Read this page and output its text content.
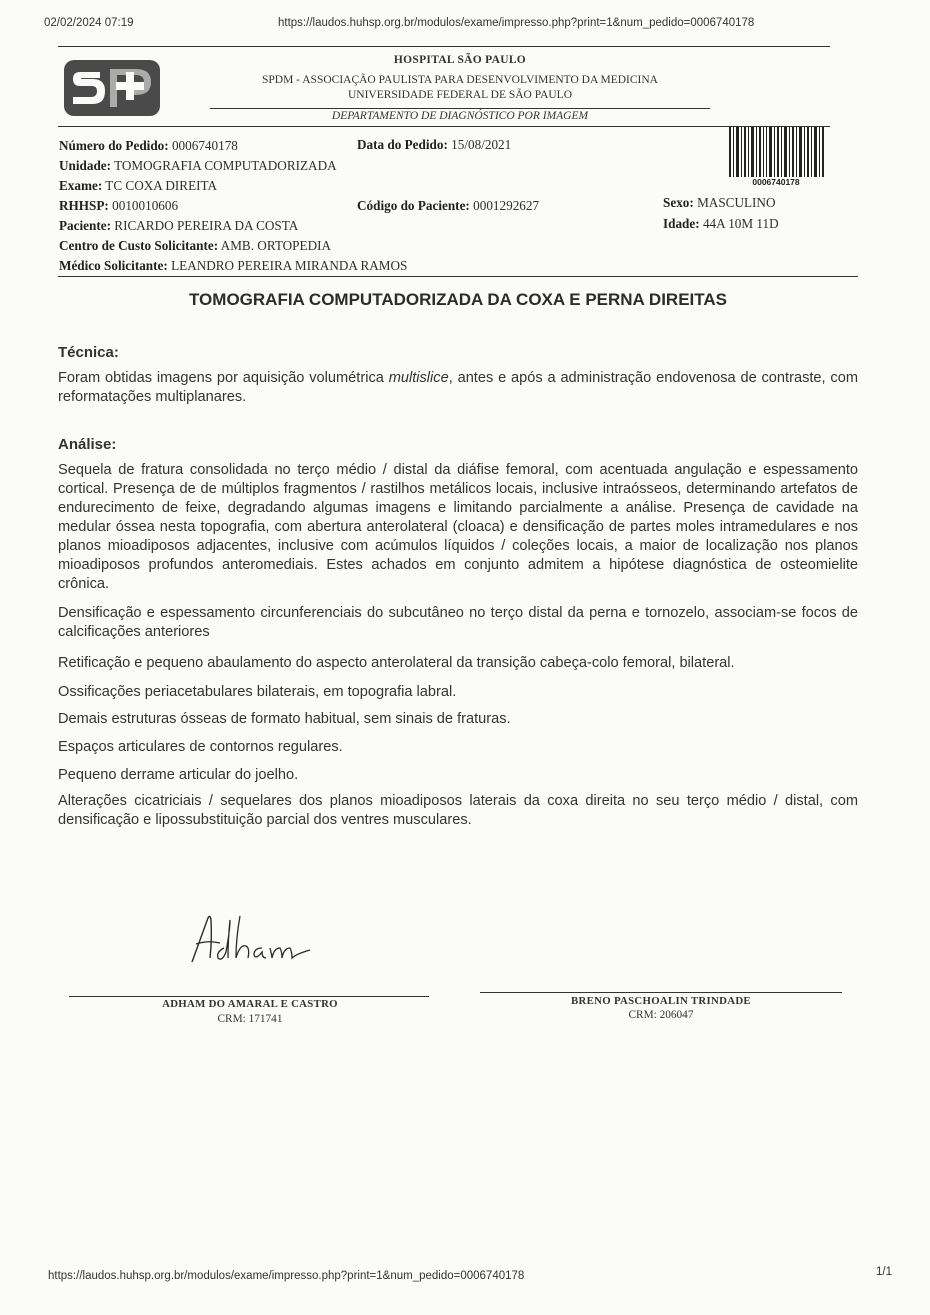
02/02/2024 07:19	https://laudos.huhsp.org.br/modulos/exame/impresso.php?print=1&num_pedido=0006740178
HOSPITAL SÃO PAULO
SPDM - ASSOCIAÇÃO PAULISTA PARA DESENVOLVIMENTO DA MEDICINA
UNIVERSIDADE FEDERAL DE SÃO PAULO
DEPARTAMENTO DE DIAGNÓSTICO POR IMAGEM
0006740178
Número do Pedido: 0006740178	Data do Pedido: 15/08/2021
Unidade: TOMOGRAFIA COMPUTADORIZADA
Exame: TC COXA DIREITA
RHHSP: 0010010606	Código do Paciente: 0001292627	Sexo: MASCULINO
Paciente: RICARDO PEREIRA DA COSTA	Idade: 44A 10M 11D
Centro de Custo Solicitante: AMB. ORTOPEDIA
Médico Solicitante: LEANDRO PEREIRA MIRANDA RAMOS
TOMOGRAFIA COMPUTADORIZADA DA COXA E PERNA DIREITAS
Técnica:
Foram obtidas imagens por aquisição volumétrica multislice, antes e após a administração endovenosa de contraste, com reformatações multiplanares.
Análise:
Sequela de fratura consolidada no terço médio / distal da diáfise femoral, com acentuada angulação e espessamento cortical. Presença de de múltiplos fragmentos / rastilhos metálicos locais, inclusive intraósseos, determinando artefatos de endurecimento de feixe, degradando algumas imagens e limitando parcialmente a análise. Presença de cavidade na medular óssea nesta topografia, com abertura anterolateral (cloaca) e densificação de partes moles intramedulares e nos planos mioadiposos adjacentes, inclusive com acúmulos líquidos / coleções locais, a maior de localização nos planos mioadiposos profundos anteromediais. Estes achados em conjunto admitem a hipótese diagnóstica de osteomielite crônica.
Densificação e espessamento circunferenciais do subcutâneo no terço distal da perna e tornozelo, associam-se focos de calcificações anteriores
Retificação e pequeno abaulamento do aspecto anterolateral da transição cabeça-colo femoral, bilateral.
Ossificações periacetabulares bilaterais, em topografia labral.
Demais estruturas ósseas de formato habitual, sem sinais de fraturas.
Espaços articulares de contornos regulares.
Pequeno derrame articular do joelho.
Alterações cicatriciais / sequelares dos planos mioadiposos laterais da coxa direita no seu terço médio / distal, com densificação e lipossubstituição parcial dos ventres musculares.
ADHAM DO AMARAL E CASTRO
CRM: 171741
BRENO PASCHOALIN TRINDADE
CRM: 206047
https://laudos.huhsp.org.br/modulos/exame/impresso.php?print=1&num_pedido=0006740178	1/1
